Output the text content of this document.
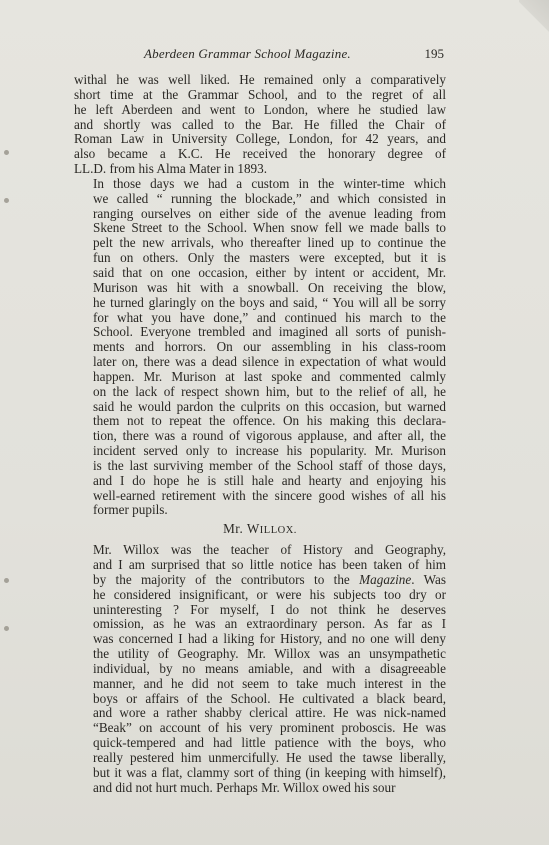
Aberdeen Grammar School Magazine.	195

withal he was well liked. He remained only a comparatively
short time at the Grammar School, and to the regret of all
he left Aberdeen and went to London, where he studied law
and shortly was called to the Bar. He filled the Chair of
Roman Law in University College, London, for 42 years, and
also became a K.C. He received the honorary degree of
LL.D. from his Alma Mater in 1893.

In those days we had a custom in the winter-time which
we called “ running the blockade,” and which consisted in
ranging ourselves on either side of the avenue leading from
Skene Street to the School. When snow fell we made balls to
pelt the new arrivals, who thereafter lined up to continue the
fun on others. Only the masters were excepted, but it is
said that on one occasion, either by intent or accident, Mr.
Murison was hit with a snowball. On receiving the blow,
he turned glaringly on the boys and said, “ You will all be sorry
for what you have done,” and continued his march to the
School. Everyone trembled and imagined all sorts of punish-
ments and horrors. On our assembling in his class-room
later on, there was a dead silence in expectation of what would
happen. Mr. Murison at last spoke and commented calmly
on the lack of respect shown him, but to the relief of all, he
said he would pardon the culprits on this occasion, but warned
them not to repeat the offence. On his making this declara-
tion, there was a round of vigorous applause, and after all, the
incident served only to increase his popularity. Mr. Murison
is the last surviving member of the School staff of those days,
and I do hope he is still hale and hearty and enjoying his
well-earned retirement with the sincere good wishes of all his
former pupils.

Mr. WILLOX.

Mr. Willox was the teacher of History and Geography,
and I am surprised that so little notice has been taken of him
by the majority of the contributors to the Magazine. Was
he considered insignificant, or were his subjects too dry or
uninteresting ? For myself, I do not think he deserves
omission, as he was an extraordinary person. As far as I
was concerned I had a liking for History, and no one will deny
the utility of Geography. Mr. Willox was an unsympathetic
individual, by no means amiable, and with a disagreeable
manner, and he did not seem to take much interest in the
boys or affairs of the School. He cultivated a black beard,
and wore a rather shabby clerical attire. He was nick-named
“Beak” on account of his very prominent proboscis. He was
quick-tempered and had little patience with the boys, who
really pestered him unmercifully. He used the tawse liberally,
but it was a flat, clammy sort of thing (in keeping with himself),
and did not hurt much. Perhaps Mr. Willox owed his sour
